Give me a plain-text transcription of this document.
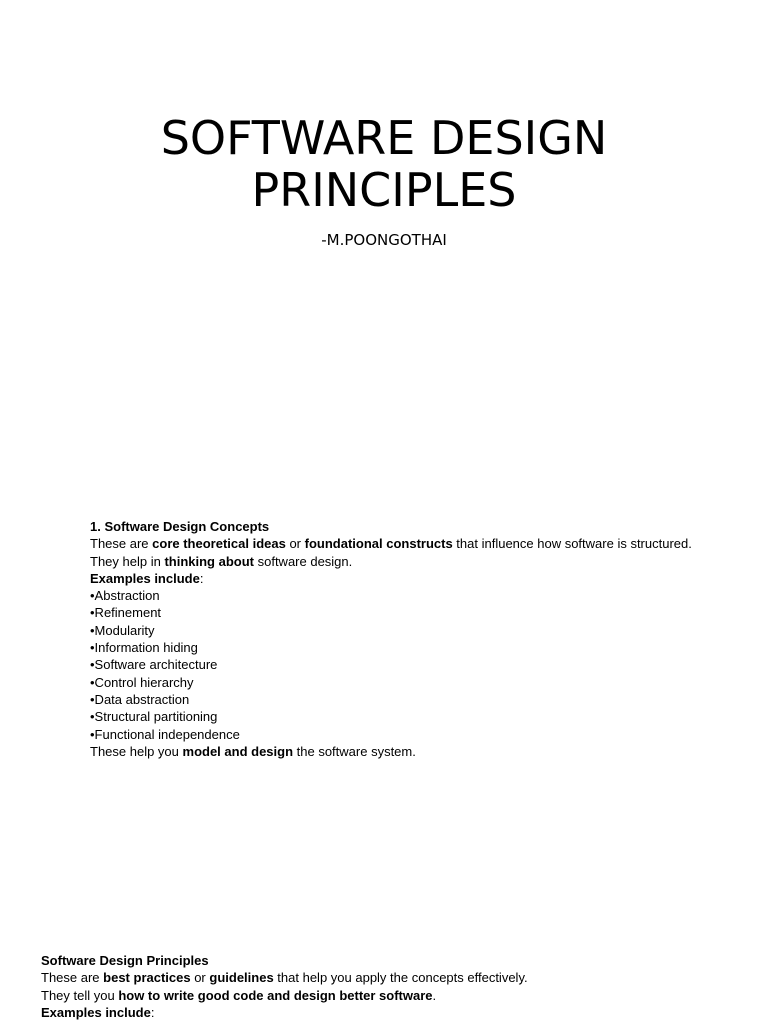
SOFTWARE DESIGN
PRINCIPLES
-M.POONGOTHAI
1. Software Design Concepts
These are core theoretical ideas or foundational constructs that influence how software is structured.
They help in thinking about software design.
Examples include:
•Abstraction
•Refinement
•Modularity
•Information hiding
•Software architecture
•Control hierarchy
•Data abstraction
•Structural partitioning
•Functional independence
These help you model and design the software system.
Software Design Principles
These are best practices or guidelines that help you apply the concepts effectively.
They tell you how to write good code and design better software.
Examples include:
